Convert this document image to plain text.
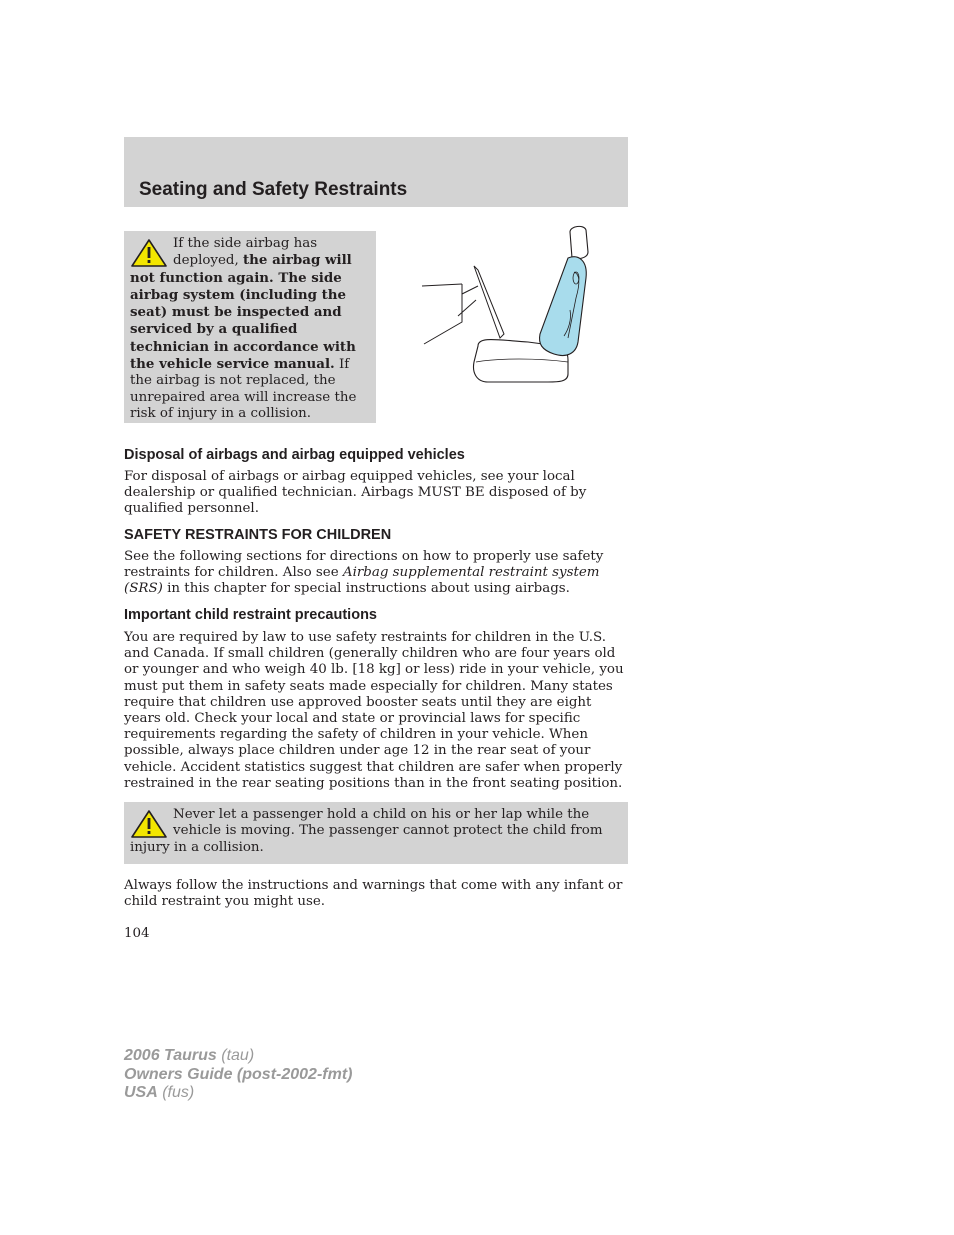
Seating and Safety Restraints

If the side airbag has deployed, the airbag will not function again. The side airbag system (including the seat) must be inspected and serviced by a qualified technician in accordance with the vehicle service manual. If the airbag is not replaced, the unrepaired area will increase the risk of injury in a collision.

Disposal of airbags and airbag equipped vehicles

For disposal of airbags or airbag equipped vehicles, see your local dealership or qualified technician. Airbags MUST BE disposed of by qualified personnel.

SAFETY RESTRAINTS FOR CHILDREN

See the following sections for directions on how to properly use safety restraints for children. Also see Airbag supplemental restraint system (SRS) in this chapter for special instructions about using airbags.

Important child restraint precautions

You are required by law to use safety restraints for children in the U.S. and Canada. If small children (generally children who are four years old or younger and who weigh 40 lb. [18 kg] or less) ride in your vehicle, you must put them in safety seats made especially for children. Many states require that children use approved booster seats until they are eight years old. Check your local and state or provincial laws for specific requirements regarding the safety of children in your vehicle. When possible, always place children under age 12 in the rear seat of your vehicle. Accident statistics suggest that children are safer when properly restrained in the rear seating positions than in the front seating position.

Never let a passenger hold a child on his or her lap while the vehicle is moving. The passenger cannot protect the child from injury in a collision.

Always follow the instructions and warnings that come with any infant or child restraint you might use.

104

2006 Taurus (tau)
Owners Guide (post-2002-fmt)
USA (fus)
